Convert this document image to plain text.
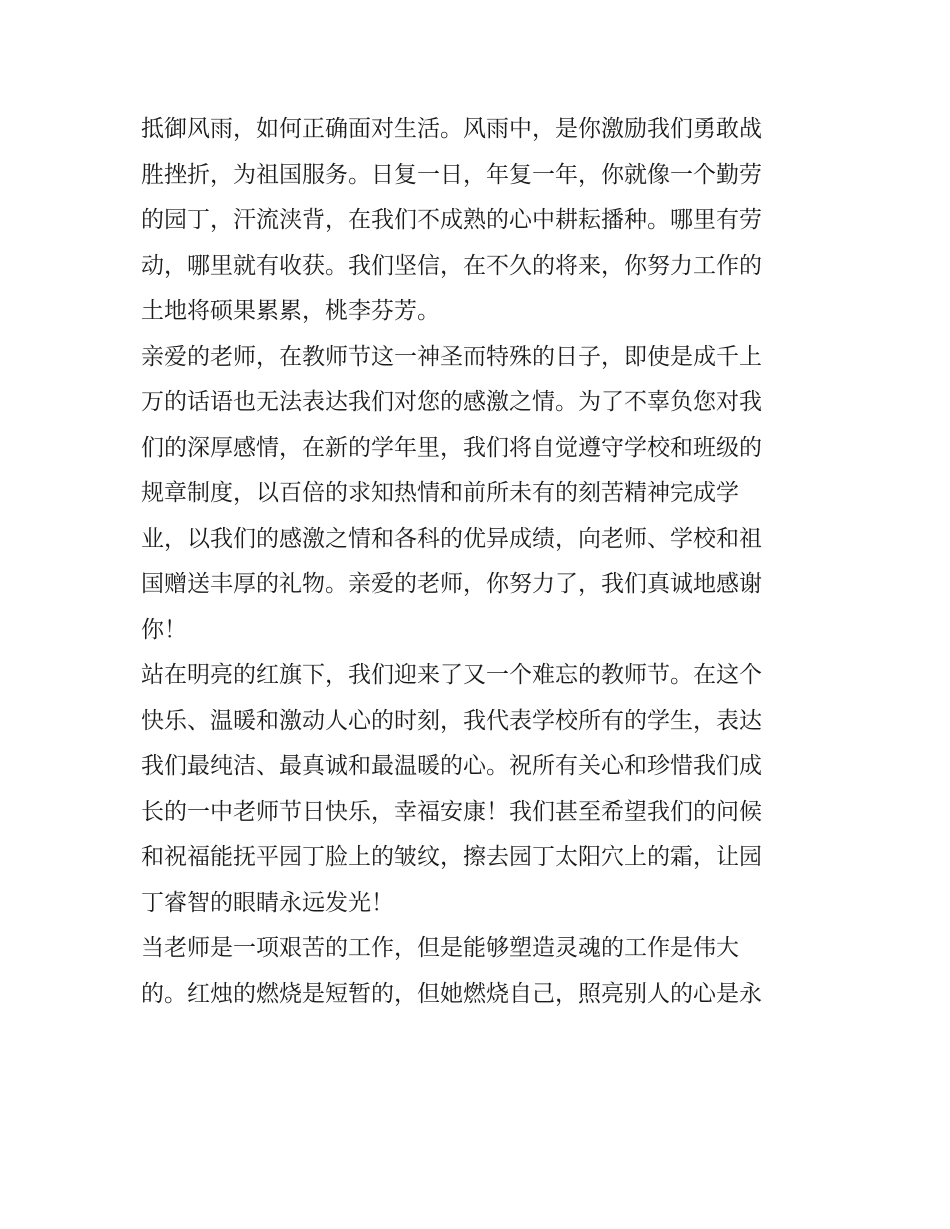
抵御风雨，如何正确面对生活。风雨中，是你激励我们勇敢战
胜挫折，为祖国服务。日复一日，年复一年，你就像一个勤劳
的园丁，汗流浃背，在我们不成熟的心中耕耘播种。哪里有劳
动，哪里就有收获。我们坚信，在不久的将来，你努力工作的
土地将硕果累累，桃李芬芳。
亲爱的老师，在教师节这一神圣而特殊的日子，即使是成千上
万的话语也无法表达我们对您的感激之情。为了不辜负您对我
们的深厚感情，在新的学年里，我们将自觉遵守学校和班级的
规章制度，以百倍的求知热情和前所未有的刻苦精神完成学
业，以我们的感激之情和各科的优异成绩，向老师、学校和祖
国赠送丰厚的礼物。亲爱的老师，你努力了，我们真诚地感谢
你！
站在明亮的红旗下，我们迎来了又一个难忘的教师节。在这个
快乐、温暖和激动人心的时刻，我代表学校所有的学生，表达
我们最纯洁、最真诚和最温暖的心。祝所有关心和珍惜我们成
长的一中老师节日快乐，幸福安康！我们甚至希望我们的问候
和祝福能抚平园丁脸上的皱纹，擦去园丁太阳穴上的霜，让园
丁睿智的眼睛永远发光！
当老师是一项艰苦的工作，但是能够塑造灵魂的工作是伟大
的。红烛的燃烧是短暂的，但她燃烧自己，照亮别人的心是永
